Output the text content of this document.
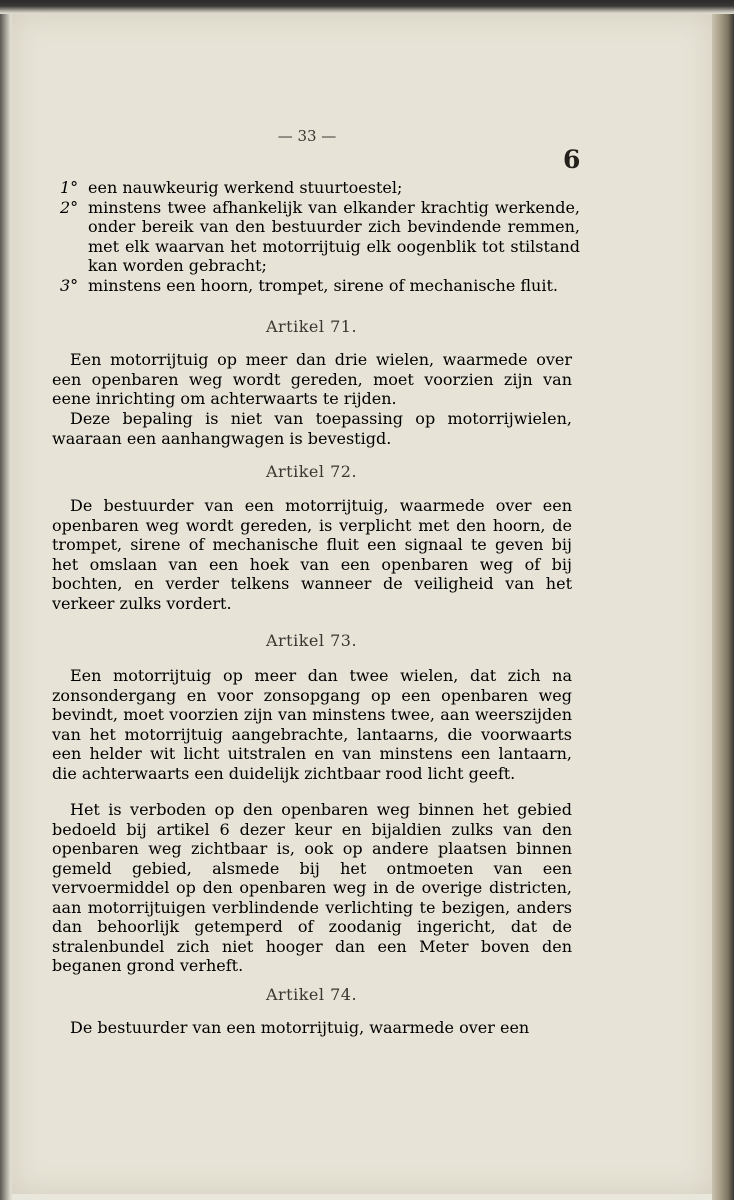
— 33 —
6
1° een nauwkeurig werkend stuurtoestel;
2° minstens twee afhankelijk van elkander krachtig werkende, onder bereik van den bestuurder zich bevindende remmen, met elk waarvan het motorrijtuig elk oogenblik tot stilstand kan worden gebracht;
3° minstens een hoorn, trompet, sirene of mechanische fluit.
Artikel 71.
Een motorrijtuig op meer dan drie wielen, waarmede over een openbaren weg wordt gereden, moet voorzien zijn van eene inrichting om achterwaarts te rijden.
Deze bepaling is niet van toepassing op motorrijwielen, waaraan een aanhangwagen is bevestigd.
Artikel 72.
De bestuurder van een motorrijtuig, waarmede over een openbaren weg wordt gereden, is verplicht met den hoorn, de trompet, sirene of mechanische fluit een signaal te geven bij het omslaan van een hoek van een openbaren weg of bij bochten, en verder telkens wanneer de veiligheid van het verkeer zulks vordert.
Artikel 73.
Een motorrijtuig op meer dan twee wielen, dat zich na zonsondergang en voor zonsopgang op een openbaren weg bevindt, moet voorzien zijn van minstens twee, aan weerszijden van het motorrijtuig aangebrachte, lantaarns, die voorwaarts een helder wit licht uitstralen en van minstens een lantaarn, die achterwaarts een duidelijk zichtbaar rood licht geeft.
Het is verboden op den openbaren weg binnen het gebied bedoeld bij artikel 6 dezer keur en bijaldien zulks van den openbaren weg zichtbaar is, ook op andere plaatsen binnen gemeld gebied, alsmede bij het ontmoeten van een vervoermiddel op den openbaren weg in de overige districten, aan motorrijtuigen verblindende verlichting te bezigen, anders dan behoorlijk getemperd of zoodanig ingericht, dat de stralenbundel zich niet hooger dan een Meter boven den beganen grond verheft.
Artikel 74.
De bestuurder van een motorrijtuig, waarmede over een
